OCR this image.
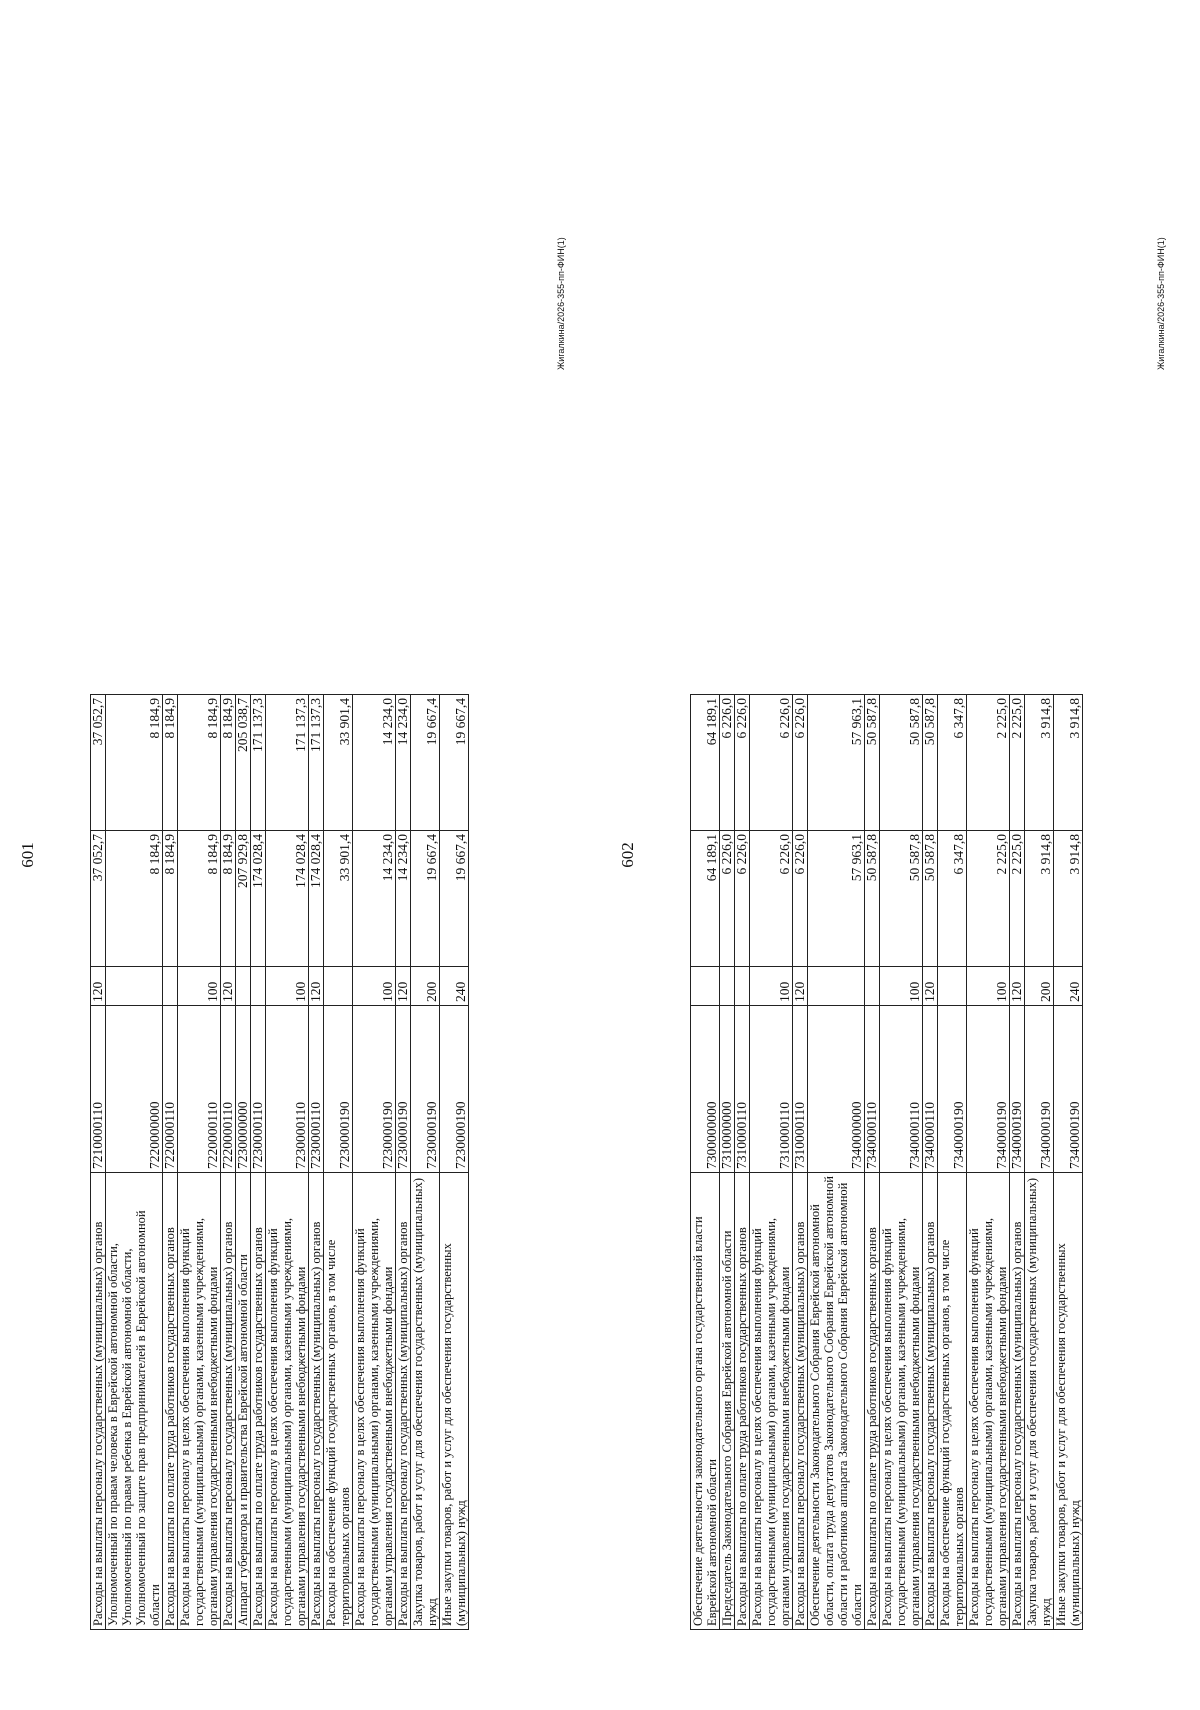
601
Расходы на выплаты персоналу государственных (муниципальных) органов	7210000110	120	37 052,7	37 052,7
Уполномоченный по правам человека в Еврейской автономной области, Уполномоченный по правам ребенка в Еврейской автономной области, Уполномоченный по защите прав предпринимателей в Еврейской автономной области	7220000000		8 184,9	8 184,9
Расходы на выплаты по оплате труда работников государственных органов	7220000110		8 184,9	8 184,9
Расходы на выплаты персоналу в целях обеспечения выполнения функций государственными (муниципальными) органами, казенными учреждениями, органами управления государственными внебюджетными фондами	7220000110	100	8 184,9	8 184,9
Расходы на выплаты персоналу государственных (муниципальных) органов	7220000110	120	8 184,9	8 184,9
Аппарат губернатора и правительства Еврейской автономной области	7230000000		207 929,8	205 038,7
Расходы на выплаты по оплате труда работников государственных органов	7230000110		174 028,4	171 137,3
Расходы на выплаты персоналу в целях обеспечения выполнения функций государственными (муниципальными) органами, казенными учреждениями, органами управления государственными внебюджетными фондами	7230000110	100	174 028,4	171 137,3
Расходы на выплаты персоналу государственных (муниципальных) органов	7230000110	120	174 028,4	171 137,3
Расходы на обеспечение функций государственных органов, в том числе территориальных органов	7230000190		33 901,4	33 901,4
Расходы на выплаты персоналу в целях обеспечения выполнения функций государственными (муниципальными) органами, казенными учреждениями, органами управления государственными внебюджетными фондами	7230000190	100	14 234,0	14 234,0
Расходы на выплаты персоналу государственных (муниципальных) органов	7230000190	120	14 234,0	14 234,0
Закупка товаров, работ и услуг для обеспечения государственных (муниципальных) нужд	7230000190	200	19 667,4	19 667,4
Иные закупки товаров, работ и услуг для обеспечения государственных (муниципальных) нужд	7230000190	240	19 667,4	19 667,4
Жигалкина/2026-355-пп-ФИН(1)
602
Обеспечение деятельности законодательного органа государственной власти Еврейской автономной области	7300000000		64 189,1	64 189,1
Председатель Законодательного Собрания Еврейской автономной области	7310000000		6 226,0	6 226,0
Расходы на выплаты по оплате труда работников государственных органов	7310000110		6 226,0	6 226,0
Расходы на выплаты персоналу в целях обеспечения выполнения функций государственными (муниципальными) органами, казенными учреждениями, органами управления государственными внебюджетными фондами	7310000110	100	6 226,0	6 226,0
Расходы на выплаты персоналу государственных (муниципальных) органов	7310000110	120	6 226,0	6 226,0
Обеспечение деятельности Законодательного Собрания Еврейской автономной области, оплата труда депутатов Законодательного Собрания Еврейской автономной области и работников аппарата Законодательного Собрания Еврейской автономной области	7340000000		57 963,1	57 963,1
Расходы на выплаты по оплате труда работников государственных органов	7340000110		50 587,8	50 587,8
Расходы на выплаты персоналу в целях обеспечения выполнения функций государственными (муниципальными) органами, казенными учреждениями, органами управления государственными внебюджетными фондами	7340000110	100	50 587,8	50 587,8
Расходы на выплаты персоналу государственных (муниципальных) органов	7340000110	120	50 587,8	50 587,8
Расходы на обеспечение функций государственных органов, в том числе территориальных органов	7340000190		6 347,8	6 347,8
Расходы на выплаты персоналу в целях обеспечения выполнения функций государственными (муниципальными) органами, казенными учреждениями, органами управления государственными внебюджетными фондами	7340000190	100	2 225,0	2 225,0
Расходы на выплаты персоналу государственных (муниципальных) органов	7340000190	120	2 225,0	2 225,0
Закупка товаров, работ и услуг для обеспечения государственных (муниципальных) нужд	7340000190	200	3 914,8	3 914,8
Иные закупки товаров, работ и услуг для обеспечения государственных (муниципальных) нужд	7340000190	240	3 914,8	3 914,8
Жигалкина/2026-355-пп-ФИН(1)
